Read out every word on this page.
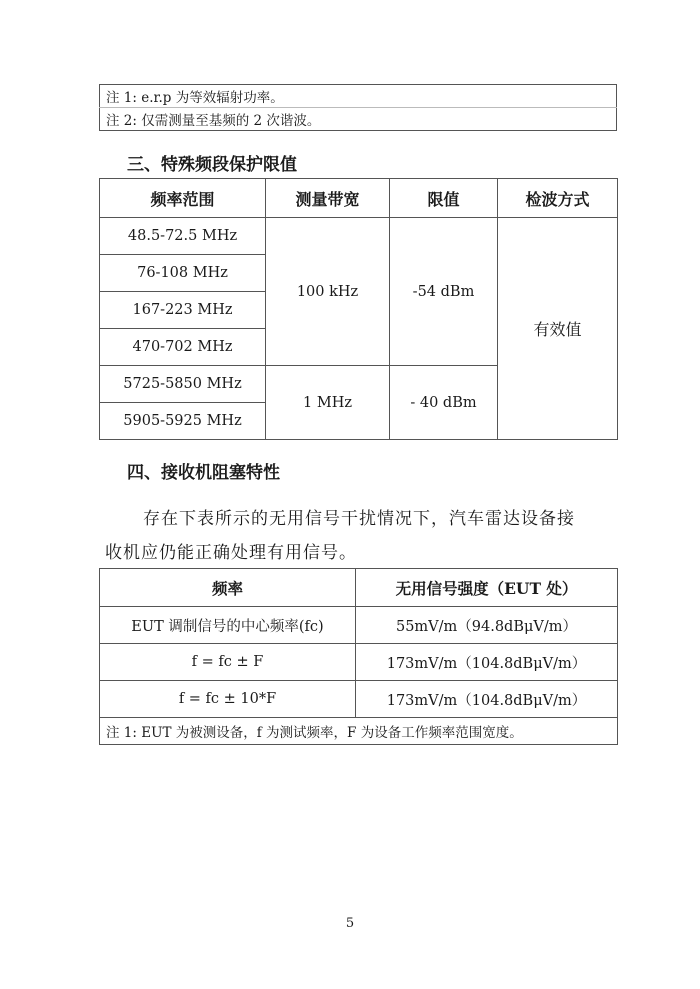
注 1: e.r.p 为等效辐射功率。
注 2: 仅需测量至基频的 2 次谐波。
三、特殊频段保护限值
频率范围	测量带宽	限值	检波方式
48.5-72.5 MHz	100 kHz	-54 dBm	有效值
76-108 MHz			
167-223 MHz			
470-702 MHz			
5725-5850 MHz	1 MHz	- 40 dBm	
5905-5925 MHz			
四、接收机阻塞特性
存在下表所示的无用信号干扰情况下，汽车雷达设备接
收机应仍能正确处理有用信号。
频率	无用信号强度（EUT 处）
EUT 调制信号的中心频率(fc)	55mV/m（94.8dBμV/m）
f = fc ± F	173mV/m（104.8dBμV/m）
f = fc ± 10*F	173mV/m（104.8dBμV/m）
注 1: EUT 为被测设备，f 为测试频率，F 为设备工作频率范围宽度。	
5
